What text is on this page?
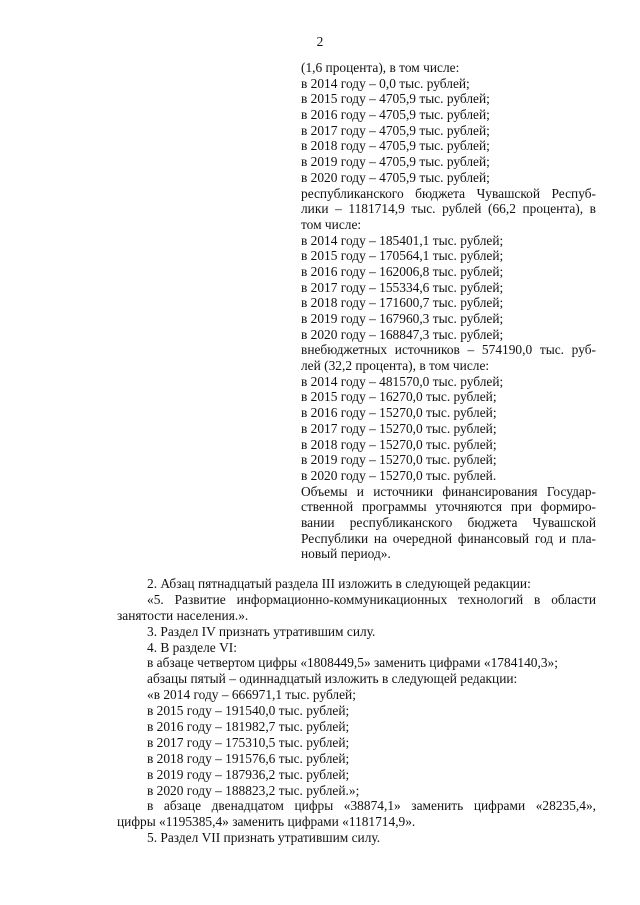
2
(1,6 процента), в том числе:
в 2014 году – 0,0 тыс. рублей;
в 2015 году – 4705,9 тыс. рублей;
в 2016 году – 4705,9 тыс. рублей;
в 2017 году – 4705,9 тыс. рублей;
в 2018 году – 4705,9 тыс. рублей;
в 2019 году – 4705,9 тыс. рублей;
в 2020 году – 4705,9 тыс. рублей;
республиканского бюджета Чувашской Респуб-
лики – 1181714,9 тыс. рублей (66,2 процента), в
том числе:
в 2014 году – 185401,1 тыс. рублей;
в 2015 году – 170564,1 тыс. рублей;
в 2016 году – 162006,8 тыс. рублей;
в 2017 году – 155334,6 тыс. рублей;
в 2018 году – 171600,7 тыс. рублей;
в 2019 году – 167960,3 тыс. рублей;
в 2020 году – 168847,3 тыс. рублей;
внебюджетных источников – 574190,0 тыс. руб-
лей (32,2 процента), в том числе:
в 2014 году – 481570,0 тыс. рублей;
в 2015 году – 16270,0 тыс. рублей;
в 2016 году – 15270,0 тыс. рублей;
в 2017 году – 15270,0 тыс. рублей;
в 2018 году – 15270,0 тыс. рублей;
в 2019 году – 15270,0 тыс. рублей;
в 2020 году – 15270,0 тыс. рублей.
Объемы и источники финансирования Государ-
ственной программы уточняются при формиро-
вании республиканского бюджета Чувашской
Республики на очередной финансовый год и пла-
новый период».
2. Абзац пятнадцатый раздела III изложить в следующей редакции:
«5. Развитие информационно-коммуникационных технологий в области
занятости населения.».
3. Раздел IV признать утратившим силу.
4. В разделе VI:
в абзаце четвертом цифры «1808449,5» заменить цифрами «1784140,3»;
абзацы пятый – одиннадцатый изложить в следующей редакции:
«в 2014 году – 666971,1 тыс. рублей;
в 2015 году – 191540,0 тыс. рублей;
в 2016 году – 181982,7 тыс. рублей;
в 2017 году – 175310,5 тыс. рублей;
в 2018 году – 191576,6 тыс. рублей;
в 2019 году – 187936,2 тыс. рублей;
в 2020 году – 188823,2 тыс. рублей.»;
в абзаце двенадцатом цифры «38874,1» заменить цифрами «28235,4»,
цифры «1195385,4» заменить цифрами «1181714,9».
5. Раздел VII признать утратившим силу.
